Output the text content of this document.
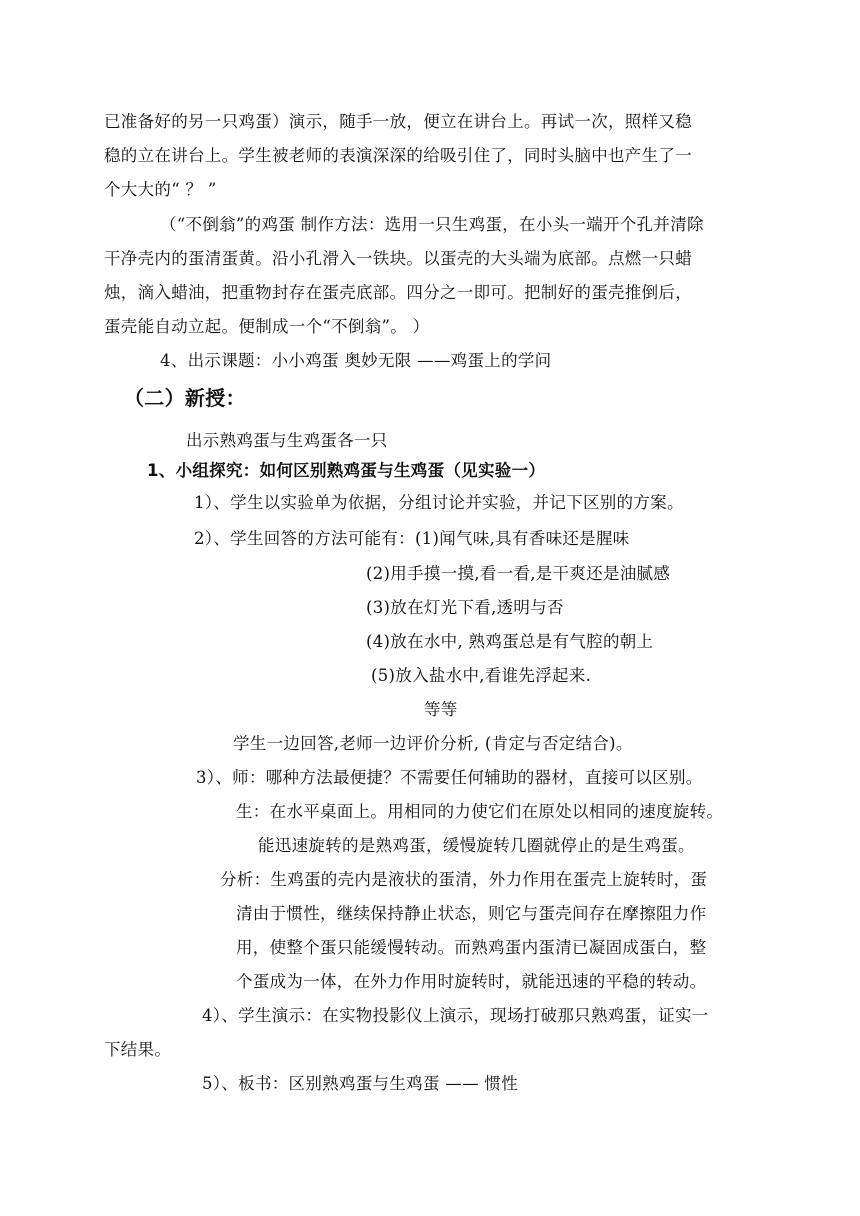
已准备好的另一只鸡蛋）演示，随手一放，便立在讲台上。再试一次，照样又稳
稳的立在讲台上。学生被老师的表演深深的给吸引住了，同时头脑中也产生了一
个大大的“ ？ ”
（“不倒翁”的鸡蛋 制作方法：选用一只生鸡蛋，在小头一端开个孔并清除
干净壳内的蛋清蛋黄。沿小孔滑入一铁块。以蛋壳的大头端为底部。点燃一只蜡
烛，滴入蜡油，把重物封存在蛋壳底部。四分之一即可。把制好的蛋壳推倒后，
蛋壳能自动立起。便制成一个“不倒翁”。 ）
4、出示课题：小小鸡蛋 奥妙无限 ——鸡蛋上的学问
（二）新授：
出示熟鸡蛋与生鸡蛋各一只
1、小组探究：如何区别熟鸡蛋与生鸡蛋（见实验一）
1）、学生以实验单为依据，分组讨论并实验，并记下区别的方案。
2）、学生回答的方法可能有：(1)闻气味,具有香味还是腥味
(2)用手摸一摸,看一看,是干爽还是油腻感
(3)放在灯光下看,透明与否
(4)放在水中, 熟鸡蛋总是有气腔的朝上
(5)放入盐水中,看谁先浮起来.
等等
学生一边回答,老师一边评价分析, (肯定与否定结合)。
3）、师：哪种方法最便捷？不需要任何辅助的器材，直接可以区别。
生：在水平桌面上。用相同的力使它们在原处以相同的速度旋转。
能迅速旋转的是熟鸡蛋，缓慢旋转几圈就停止的是生鸡蛋。
分析：生鸡蛋的壳内是液状的蛋清，外力作用在蛋壳上旋转时，蛋
清由于惯性，继续保持静止状态，则它与蛋壳间存在摩擦阻力作
用，使整个蛋只能缓慢转动。而熟鸡蛋内蛋清已凝固成蛋白，整
个蛋成为一体，在外力作用时旋转时，就能迅速的平稳的转动。
4）、学生演示：在实物投影仪上演示，现场打破那只熟鸡蛋，证实一
下结果。
5）、板书：区别熟鸡蛋与生鸡蛋 —— 惯性
